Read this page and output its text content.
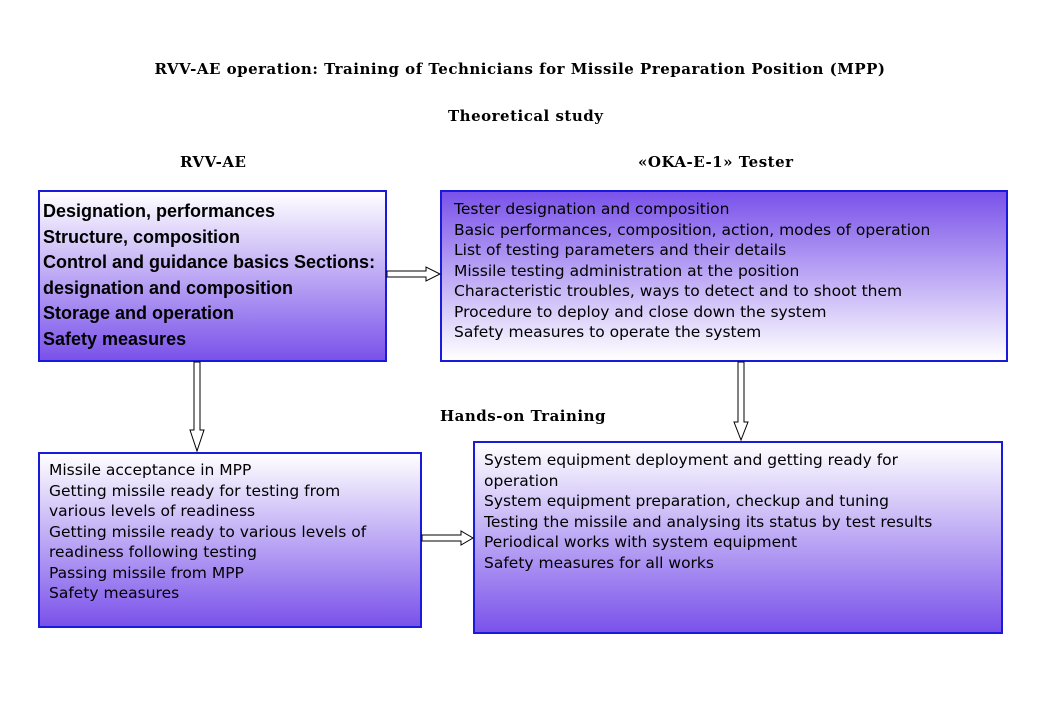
RVV-AE operation: Training of Technicians for Missile Preparation Position (MPP)
Theoretical study
RVV-AE	«OKA-E-1» Tester
Hands-on Training
Designation, performances
Structure, composition
Control and guidance basics Sections:
designation and composition
Storage and operation
Safety measures
Tester designation and composition
Basic performances, composition, action, modes of operation
List of testing parameters and their details
Missile testing administration at the position
Characteristic troubles, ways to detect and to shoot them
Procedure to deploy and close down the system
Safety measures to operate the system
Missile acceptance in MPP
Getting missile ready for testing from
various levels of readiness
Getting missile ready to various levels of
readiness following testing
Passing missile from MPP
Safety measures
System equipment deployment and getting ready for
operation
System equipment preparation, checkup and tuning
Testing the missile and analysing its status by test results
Periodical works with system equipment
Safety measures for all works
